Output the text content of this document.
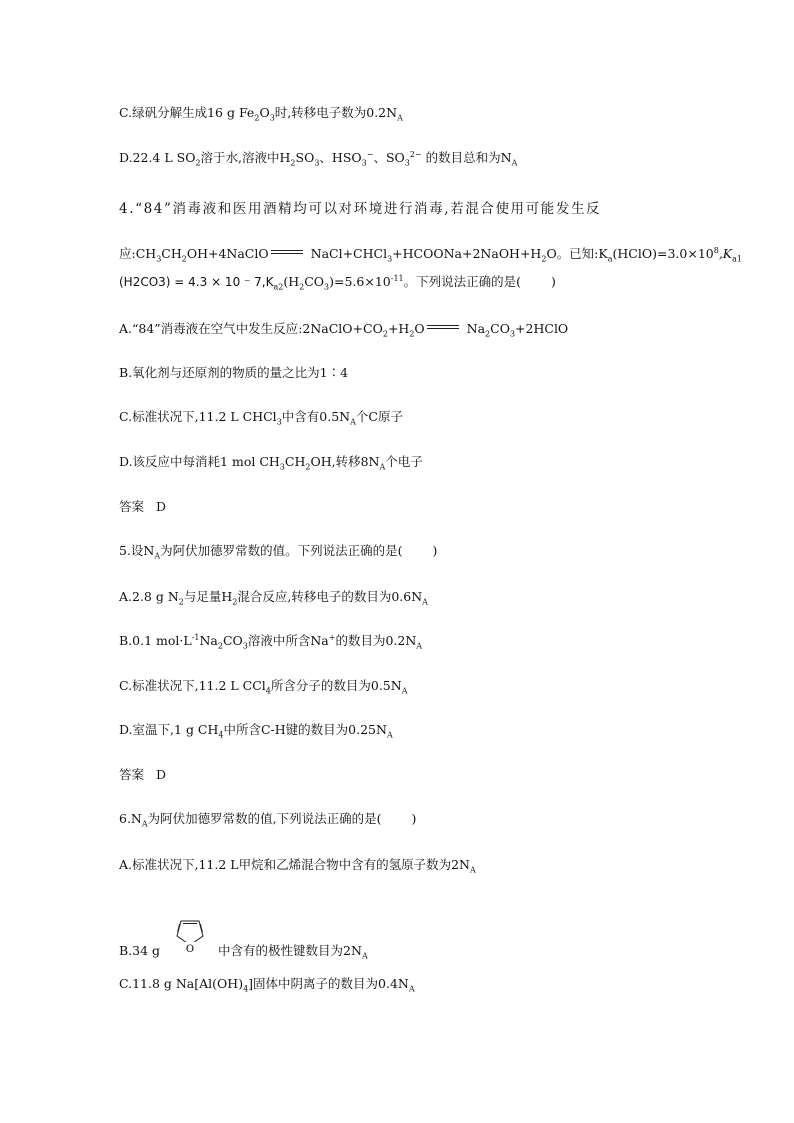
C.绿矾分解生成16 g $Fe_2O_3$时,转移电子数为$0.2N_A$
D.22.4 L $SO_2$溶于水,溶液中$H_2SO_3$、$HSO_3^-$、$SO_3^{2-}$ 的数目总和为$N_A$
4.“84”消毒液和医用酒精均可以对环境进行消毒,若混合使用可能发生反
应$:CH_3CH_2OH+4NaClO$	$NaCl+CHCl_3+HCOONa+2NaOH+H_2O$。已知$:K_a(HClO)=3.0\times 10^8,K_{a1}$
(H2CO3) = 4.3 × 10 ⁻ $7,K_{a2}(H_2CO_3)=5.6\times 10^{-11}$。下列说法正确的是( )
A.“84”消毒液在空气中发生反应$:2NaClO+CO_2+H_2O$	$Na_2CO_3+2HClO$
B.氧化剂与还原剂的物质的量之比为1∶4
C.标准状况下,11.2 L CHCl$_3$中含有$0.5N_A$个C原子
D.该反应中每消耗1 mol $CH_3CH_2OH$,转移$8N_A$个电子
答案 D
5.设$N_A$为阿伏加德罗常数的值。下列说法正确的是( )
A.2.8 g $N_2$与足量$H_2$混合反应,转移电子的数目为$0.6N_A$
B.0.1 $mol\cdot L^{-1}Na_2CO_3$溶液中所含Na+的数目为$0.2N_A$
C.标准状况下,11.2 L CCl$_4$所含分子的数目为$0.5N_A$
D.室温下,1 g $CH_4$中所含C-H键的数目为$0.25N_A$
答案 D
$6.N_A$为阿伏加德罗常数的值,下列说法正确的是( )
A.标准状况下,11.2 L甲烷和乙烯混合物中含有的氢原子数为$2N_A$
B.34 g	O 中含有的极性键数目为$2N_A$
C.11.8 g $Na[Al(OH)_4]$固体中阴离子的数目为$0.4N_A$
